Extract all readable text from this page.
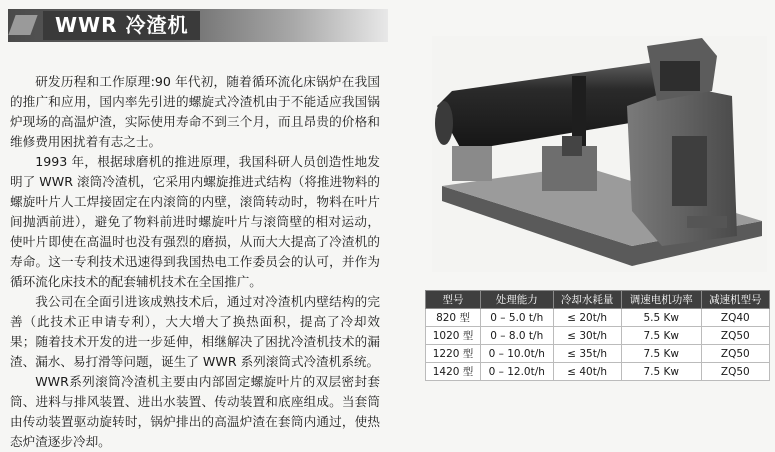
WWR 冷渣机

研发历程和工作原理:90 年代初，随着循环流化床锅炉在我国的推广和应用，国内率先引进的螺旋式冷渣机由于不能适应我国锅炉现场的高温炉渣，实际使用寿命不到三个月，而且昂贵的价格和维修费用困扰着有志之士。

1993 年，根据球磨机的推进原理，我国科研人员创造性地发明了 WWR 滚筒冷渣机，它采用内螺旋推进式结构（将推进物料的螺旋叶片人工焊接固定在内滚筒的内壁，滚筒转动时，物料在叶片间抛洒前进），避免了物料前进时螺旋叶片与滚筒壁的相对运动，使叶片即使在高温时也没有强烈的磨损，从而大大提高了冷渣机的寿命。这一专利技术迅速得到我国热电工作委员会的认可，并作为循环流化床技术的配套辅机技术在全国推广。

我公司在全面引进该成熟技术后，通过对冷渣机内壁结构的完善（此技术正申请专利），大大增大了换热面积，提高了冷却效果；随着技术开发的进一步延伸，相继解决了困扰冷渣机技术的漏渣、漏水、易打滑等问题，诞生了 WWR 系列滚筒式冷渣机系统。

WWR系列滚筒冷渣机主要由内部固定螺旋叶片的双层密封套筒、进料与排风装置、进出水装置、传动装置和底座组成。当套筒由传动装置驱动旋转时，锅炉排出的高温炉渣在套筒内通过，使热态炉渣逐步冷却。

型号	处理能力	冷却水耗量	调速电机功率	减速机型号
820 型	0 – 5.0 t/h	≤ 20t/h	5.5 Kw	ZQ40
1020 型	0 – 8.0 t/h	≤ 30t/h	7.5 Kw	ZQ50
1220 型	0 – 10.0t/h	≤ 35t/h	7.5 Kw	ZQ50
1420 型	0 – 12.0t/h	≤ 40t/h	7.5 Kw	ZQ50
